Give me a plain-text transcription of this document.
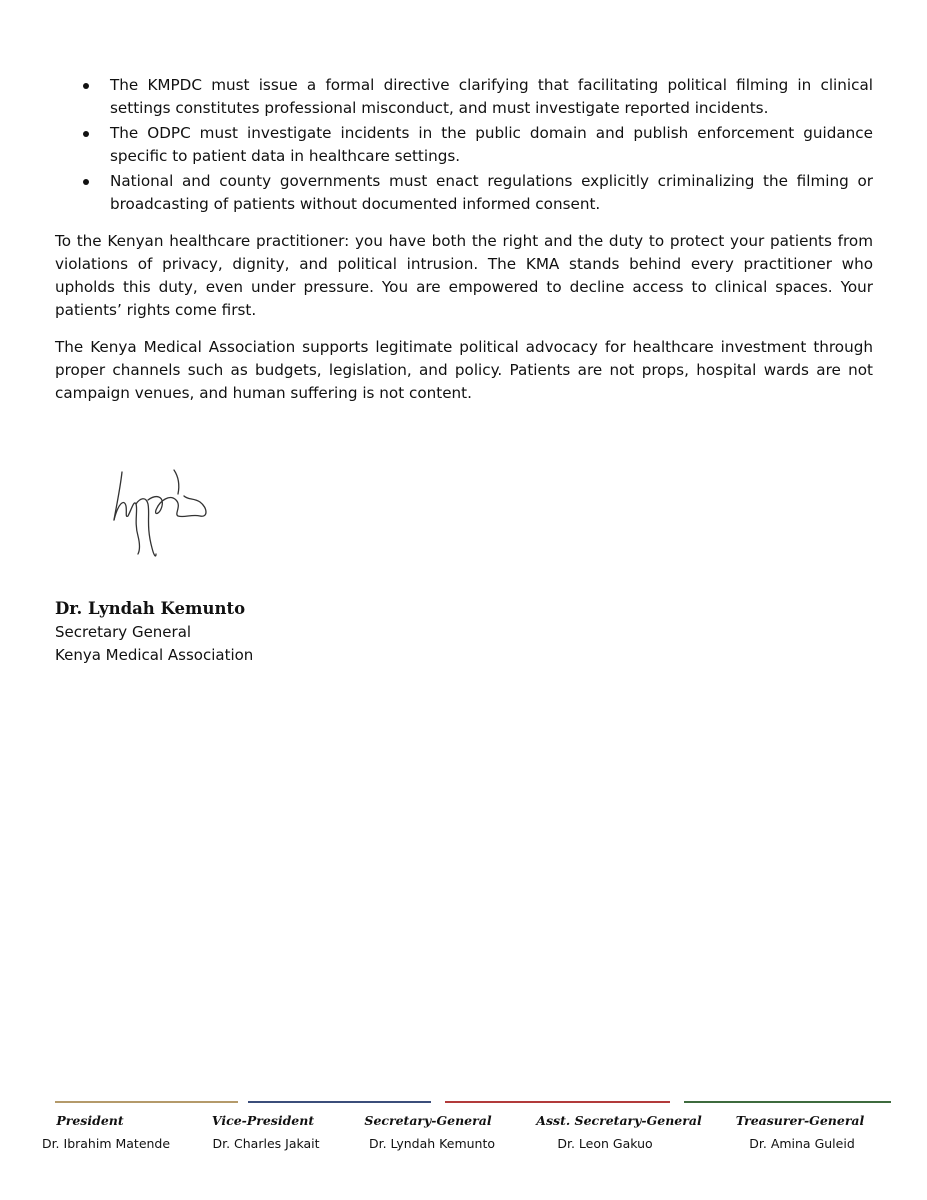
The KMPDC must issue a formal directive clarifying that facilitating political filming in clinical settings constitutes professional misconduct, and must investigate reported incidents.
The ODPC must investigate incidents in the public domain and publish enforcement guidance specific to patient data in healthcare settings.
National and county governments must enact regulations explicitly criminalizing the filming or broadcasting of patients without documented informed consent.

To the Kenyan healthcare practitioner: you have both the right and the duty to protect your patients from violations of privacy, dignity, and political intrusion. The KMA stands behind every practitioner who upholds this duty, even under pressure. You are empowered to decline access to clinical spaces. Your patients’ rights come first.

The Kenya Medical Association supports legitimate political advocacy for healthcare investment through proper channels such as budgets, legislation, and policy. Patients are not props, hospital wards are not campaign venues, and human suffering is not content.

Dr. Lyndah Kemunto
Secretary General
Kenya Medical Association
President	Vice-President	Secretary-General	Asst. Secretary-General	Treasurer-General
Dr. Ibrahim Matende	Dr. Charles Jakait	Dr. Lyndah Kemunto	Dr. Leon Gakuo	Dr. Amina Guleid
